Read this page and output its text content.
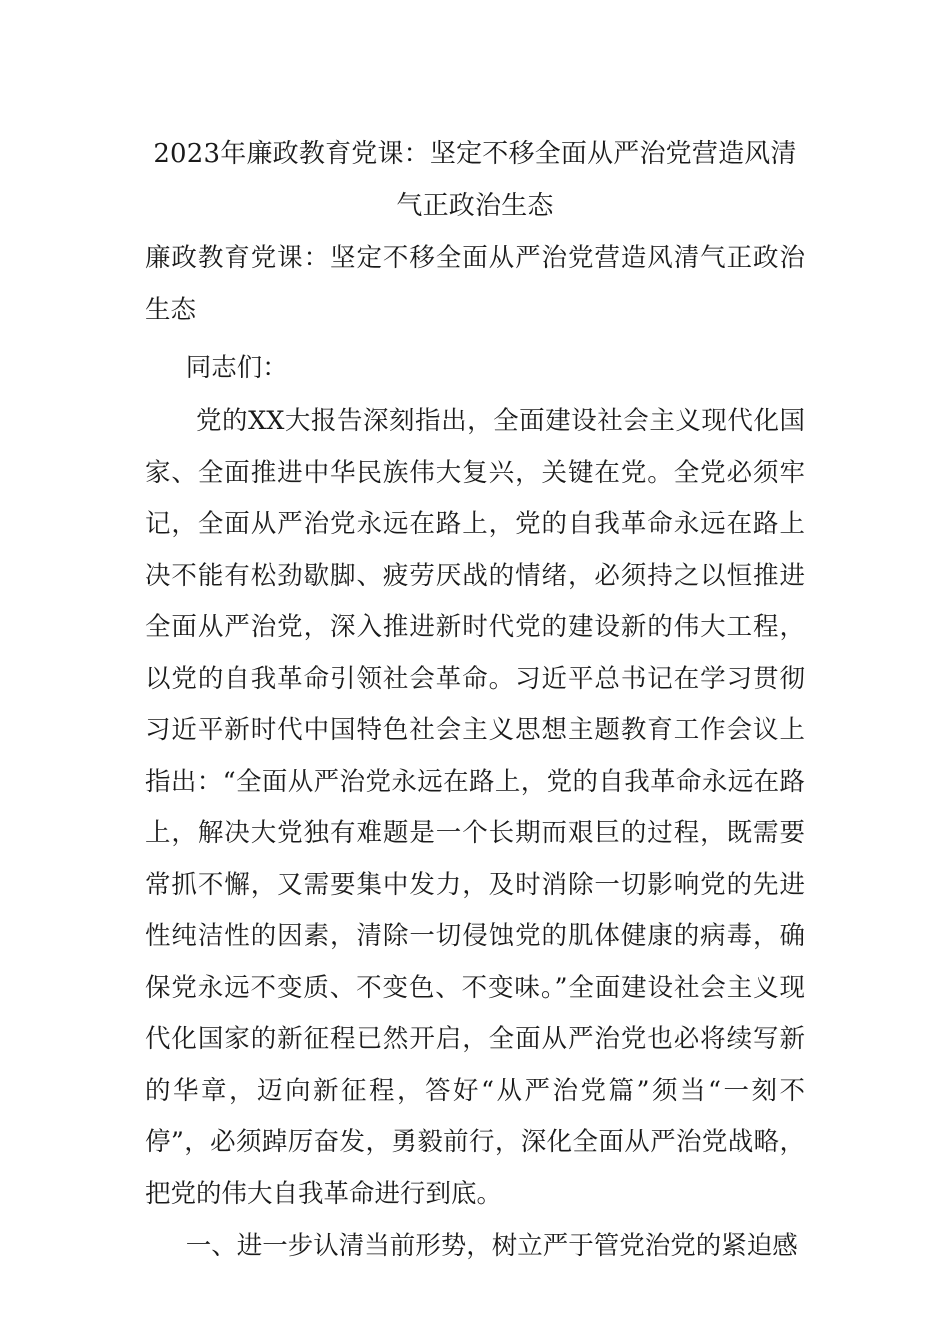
2023年廉政教育党课：坚定不移全面从严治党营造风清气正政治生态

廉政教育党课：坚定不移全面从严治党营造风清气正政治生态

同志们：

党的XX大报告深刻指出，全面建设社会主义现代化国家、全面推进中华民族伟大复兴，关键在党。全党必须牢记，全面从严治党永远在路上，党的自我革命永远在路上决不能有松劲歇脚、疲劳厌战的情绪，必须持之以恒推进全面从严治党，深入推进新时代党的建设新的伟大工程，以党的自我革命引领社会革命。习近平总书记在学习贯彻习近平新时代中国特色社会主义思想主题教育工作会议上指出：“全面从严治党永远在路上，党的自我革命永远在路上，解决大党独有难题是一个长期而艰巨的过程，既需要常抓不懈，又需要集中发力，及时消除一切影响党的先进性纯洁性的因素，清除一切侵蚀党的肌体健康的病毒，确保党永远不变质、不变色、不变味。”全面建设社会主义现代化国家的新征程已然开启，全面从严治党也必将续写新的华章，迈向新征程，答好“从严治党篇”须当“一刻不停”，必须踔厉奋发，勇毅前行，深化全面从严治党战略，把党的伟大自我革命进行到底。

一、进一步认清当前形势，树立严于管党治党的紧迫感
